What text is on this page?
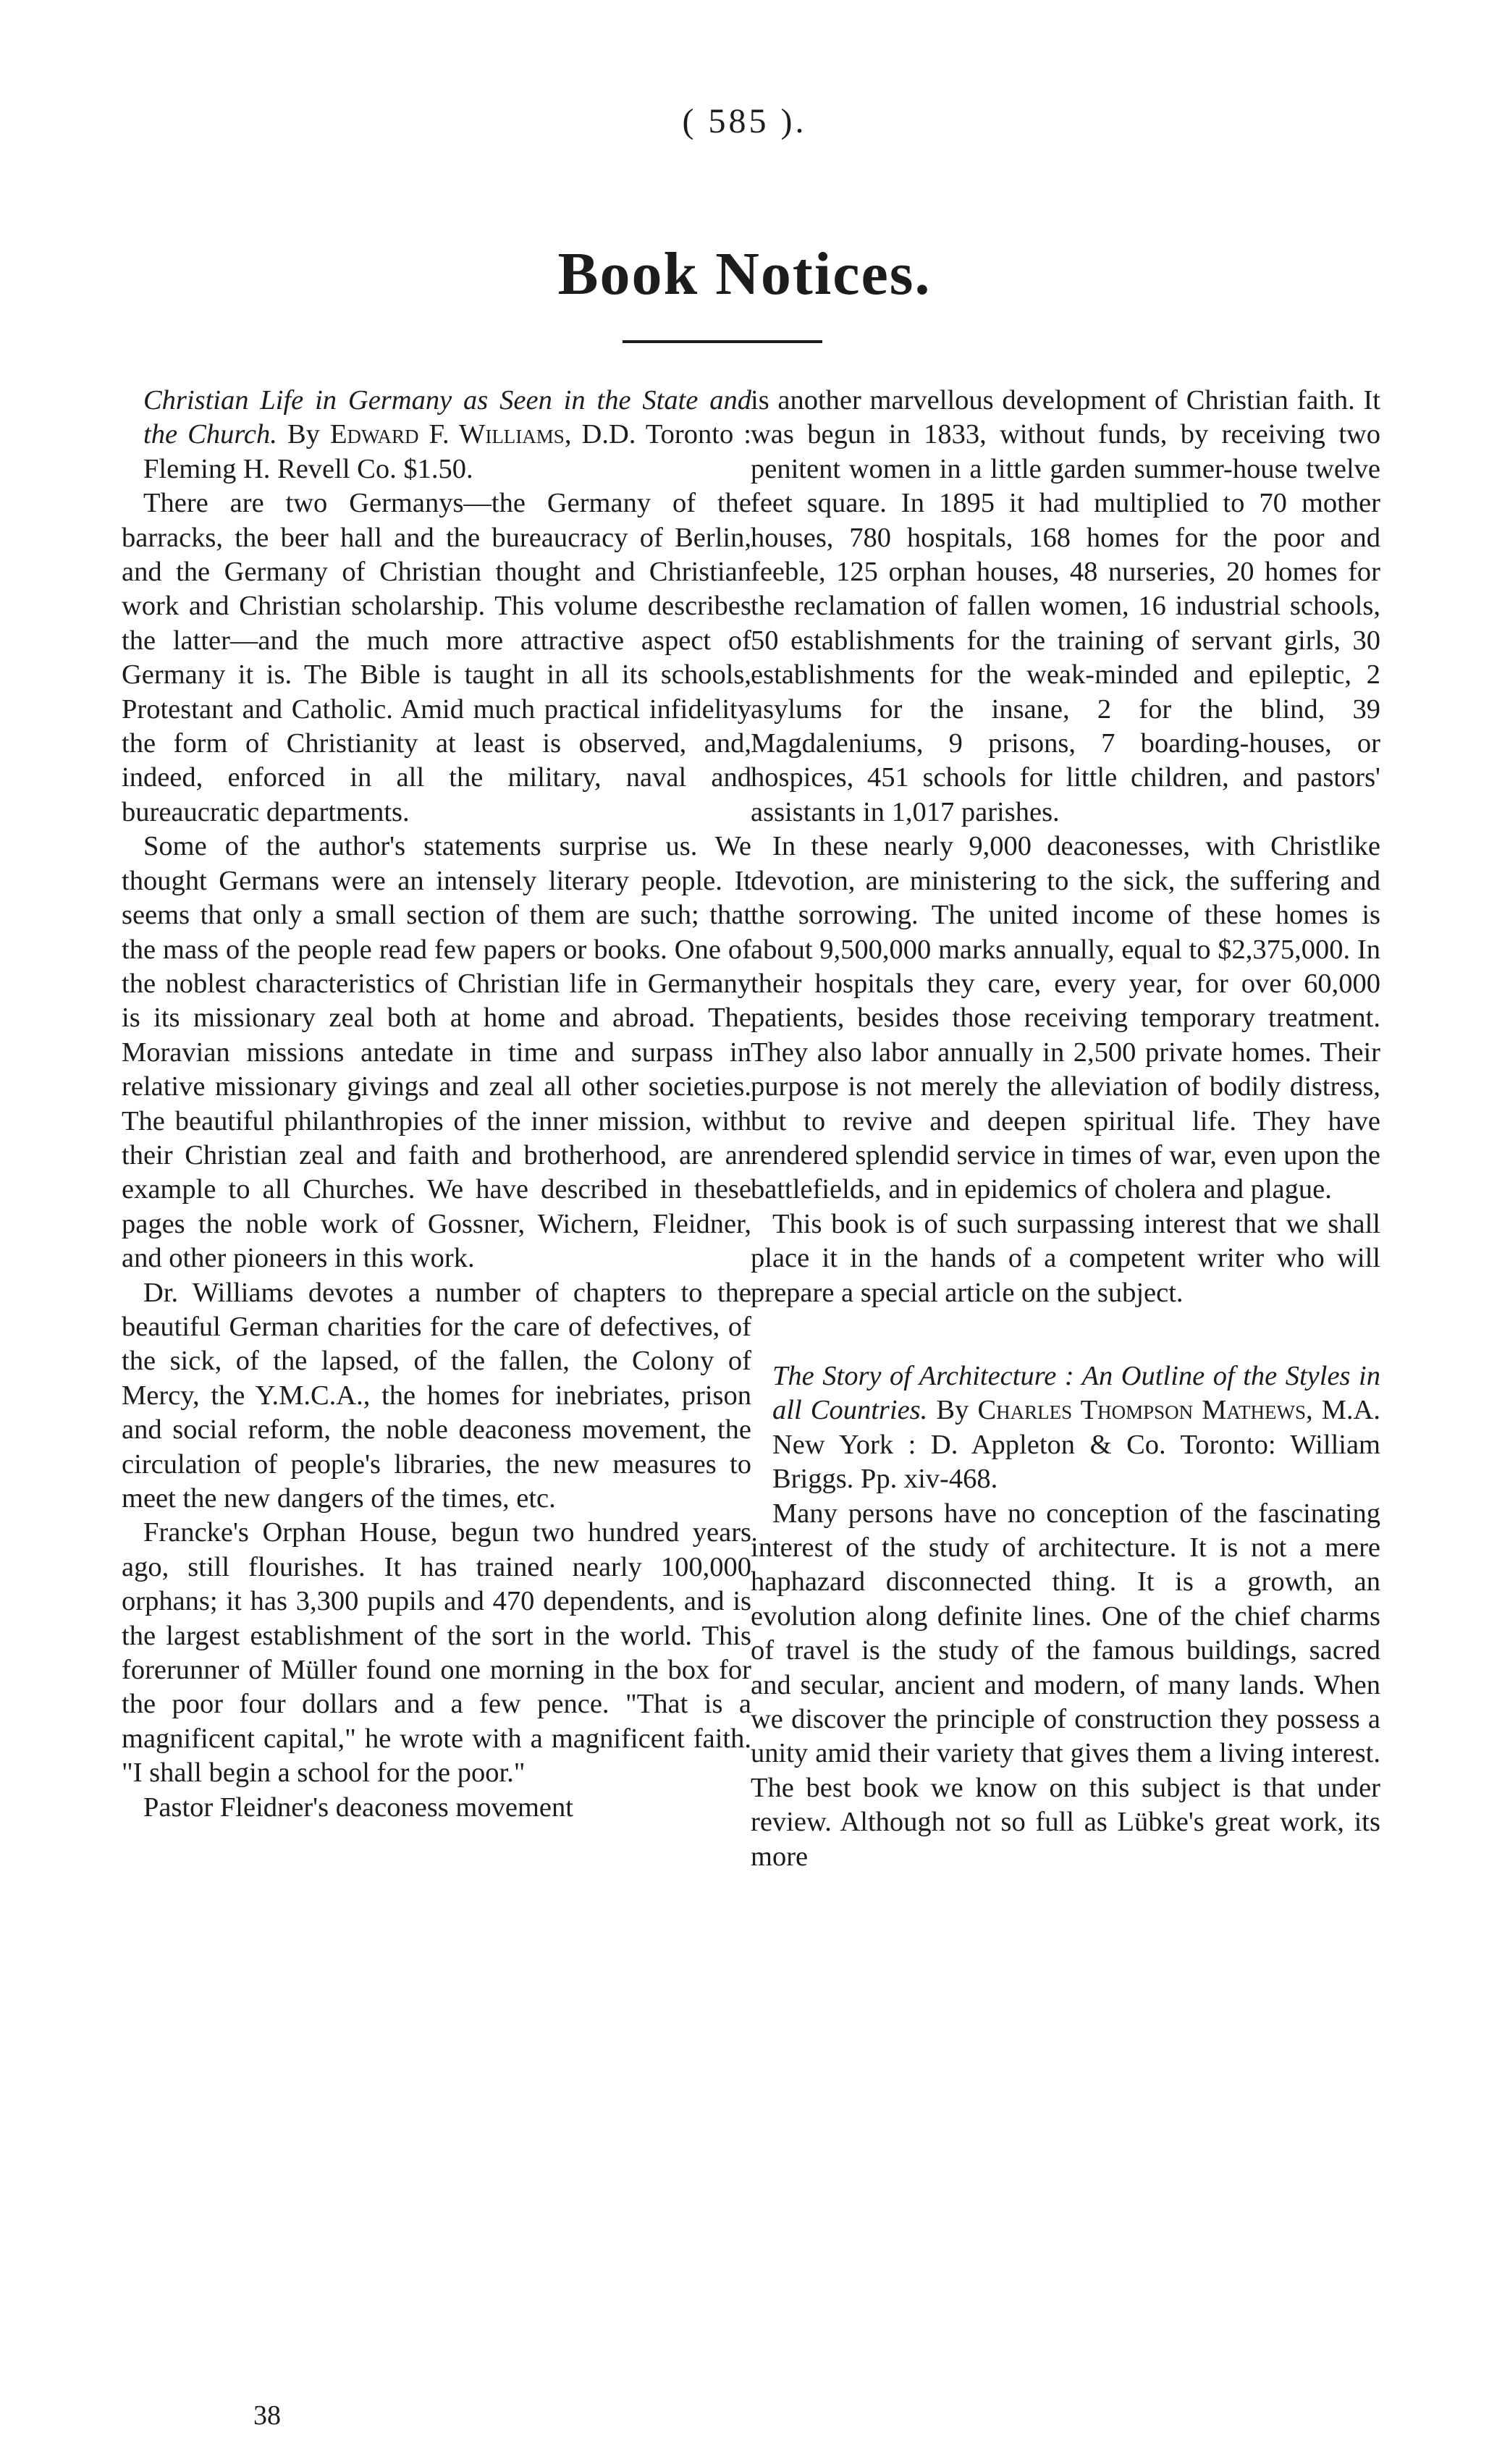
( 585 ).
Book Notices.

Christian Life in Germany as Seen in the State and the Church. By Edward F. Williams, D.D. Toronto : Fleming H. Revell Co. $1.50.

There are two Germanys—the Germany of the barracks, the beer hall and the bureaucracy of Berlin, and the Germany of Christian thought and Christian work and Christian scholarship. This volume describes the latter—and the much more attractive aspect of Germany it is. The Bible is taught in all its schools, Protestant and Catholic. Amid much practical infidelity the form of Christianity at least is observed, and, indeed, enforced in all the military, naval and bureaucratic departments.

Some of the author's statements surprise us. We thought Germans were an intensely literary people. It seems that only a small section of them are such; that the mass of the people read few papers or books. One of the noblest characteristics of Christian life in Germany is its missionary zeal both at home and abroad. The Moravian missions antedate in time and surpass in relative missionary givings and zeal all other societies. The beautiful philanthropies of the inner mission, with their Christian zeal and faith and brotherhood, are an example to all Churches. We have described in these pages the noble work of Gossner, Wichern, Fleidner, and other pioneers in this work.

Dr. Williams devotes a number of chapters to the beautiful German charities for the care of defectives, of the sick, of the lapsed, of the fallen, the Colony of Mercy, the Y.M.C.A., the homes for inebriates, prison and social reform, the noble deaconess movement, the circulation of people's libraries, the new measures to meet the new dangers of the times, etc.

Francke's Orphan House, begun two hundred years ago, still flourishes. It has trained nearly 100,000 orphans; it has 3,300 pupils and 470 dependents, and is the largest establishment of the sort in the world. This forerunner of Müller found one morning in the box for the poor four dollars and a few pence. "That is a magnificent capital," he wrote with a magnificent faith. "I shall begin a school for the poor."

Pastor Fleidner's deaconess movement

is another marvellous development of Christian faith. It was begun in 1833, without funds, by receiving two penitent women in a little garden summer-house twelve feet square. In 1895 it had multiplied to 70 mother houses, 780 hospitals, 168 homes for the poor and feeble, 125 orphan houses, 48 nurseries, 20 homes for the reclamation of fallen women, 16 industrial schools, 50 establishments for the training of servant girls, 30 establishments for the weak-minded and epileptic, 2 asylums for the insane, 2 for the blind, 39 Magdaleniums, 9 prisons, 7 boarding-houses, or hospices, 451 schools for little children, and pastors' assistants in 1,017 parishes.

In these nearly 9,000 deaconesses, with Christlike devotion, are ministering to the sick, the suffering and the sorrowing. The united income of these homes is about 9,500,000 marks annually, equal to $2,375,000. In their hospitals they care, every year, for over 60,000 patients, besides those receiving temporary treatment. They also labor annually in 2,500 private homes. Their purpose is not merely the alleviation of bodily distress, but to revive and deepen spiritual life. They have rendered splendid service in times of war, even upon the battlefields, and in epidemics of cholera and plague.

This book is of such surpassing interest that we shall place it in the hands of a competent writer who will prepare a special article on the subject.

The Story of Architecture : An Outline of the Styles in all Countries. By Charles Thompson Mathews, M.A. New York : D. Appleton & Co. Toronto: William Briggs. Pp. xiv-468.

Many persons have no conception of the fascinating interest of the study of architecture. It is not a mere haphazard disconnected thing. It is a growth, an evolution along definite lines. One of the chief charms of travel is the study of the famous buildings, sacred and secular, ancient and modern, of many lands. When we discover the principle of construction they possess a unity amid their variety that gives them a living interest. The best book we know on this subject is that under review. Although not so full as Lübke's great work, its more

38
